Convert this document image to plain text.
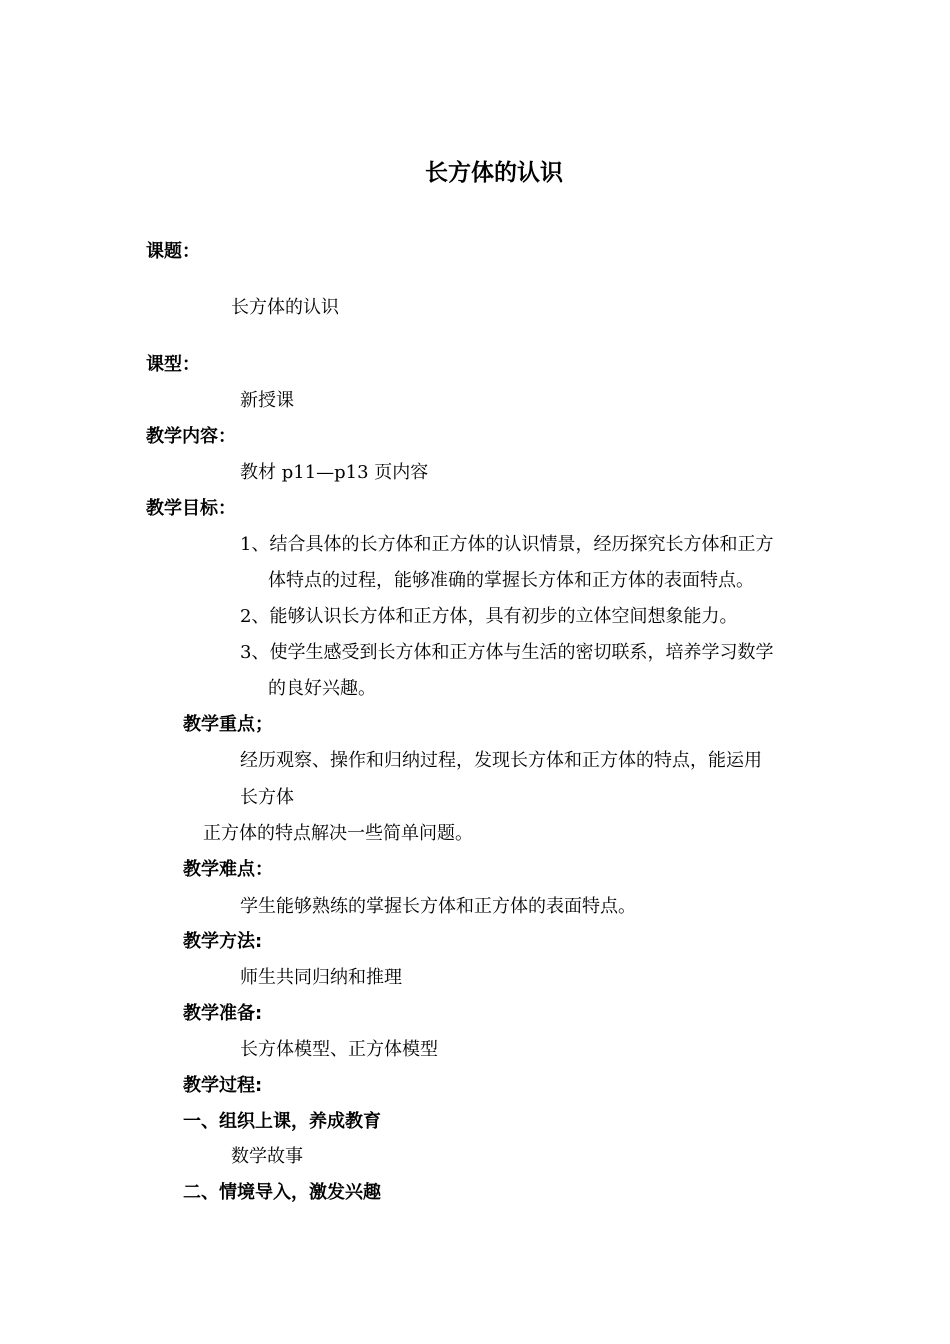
长方体的认识
课题：
长方体的认识
课型：
新授课
教学内容：
教材 p11—p13 页内容
教学目标：
1、结合具体的长方体和正方体的认识情景，经历探究长方体和正方
体特点的过程，能够准确的掌握长方体和正方体的表面特点。
2、能够认识长方体和正方体，具有初步的立体空间想象能力。
3、使学生感受到长方体和正方体与生活的密切联系，培养学习数学
的良好兴趣。
教学重点；
经历观察、操作和归纳过程，发现长方体和正方体的特点，能运用
长方体
正方体的特点解决一些简单问题。
教学难点：
学生能够熟练的掌握长方体和正方体的表面特点。
教学方法:
师生共同归纳和推理
教学准备:
长方体模型、正方体模型
教学过程:
一、组织上课，养成教育
数学故事
二、情境导入，激发兴趣
